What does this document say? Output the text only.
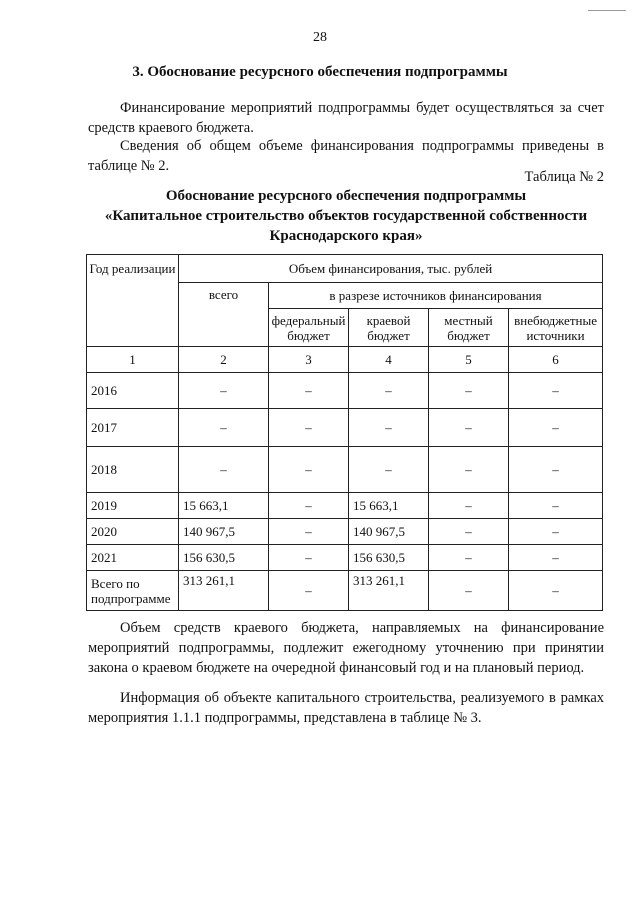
28
3. Обоснование ресурсного обеспечения подпрограммы

Финансирование мероприятий подпрограммы будет осуществляться за счет средств краевого бюджета.

Сведения об общем объеме финансирования подпрограммы приведены в таблице № 2.

Таблица № 2
Обоснование ресурсного обеспечения подпрограммы
«Капитальное строительство объектов государственной собственности
Краснодарского края»
Год реализации	Объем финансирования, тыс. рублей				
	всего	в разрезе источников финансирования			
		федеральный бюджет	краевой бюджет	местный бюджет	внебюджетные источники
1	2	3	4	5	6
2016	–	–	–	–	–
2017	–	–	–	–	–
2018	–	–	–	–	–
2019	15 663,1	–	15 663,1	–	–
2020	140 967,5	–	140 967,5	–	–
2021	156 630,5	–	156 630,5	–	–
Всего по подпрограмме	313 261,1	–	313 261,1	–	–

Объем средств краевого бюджета, направляемых на финансирование мероприятий подпрограммы, подлежит ежегодному уточнению при принятии закона о краевом бюджете на очередной финансовый год и на плановый период.

Информация об объекте капитального строительства, реализуемого в рамках мероприятия 1.1.1 подпрограммы, представлена в таблице № 3.
